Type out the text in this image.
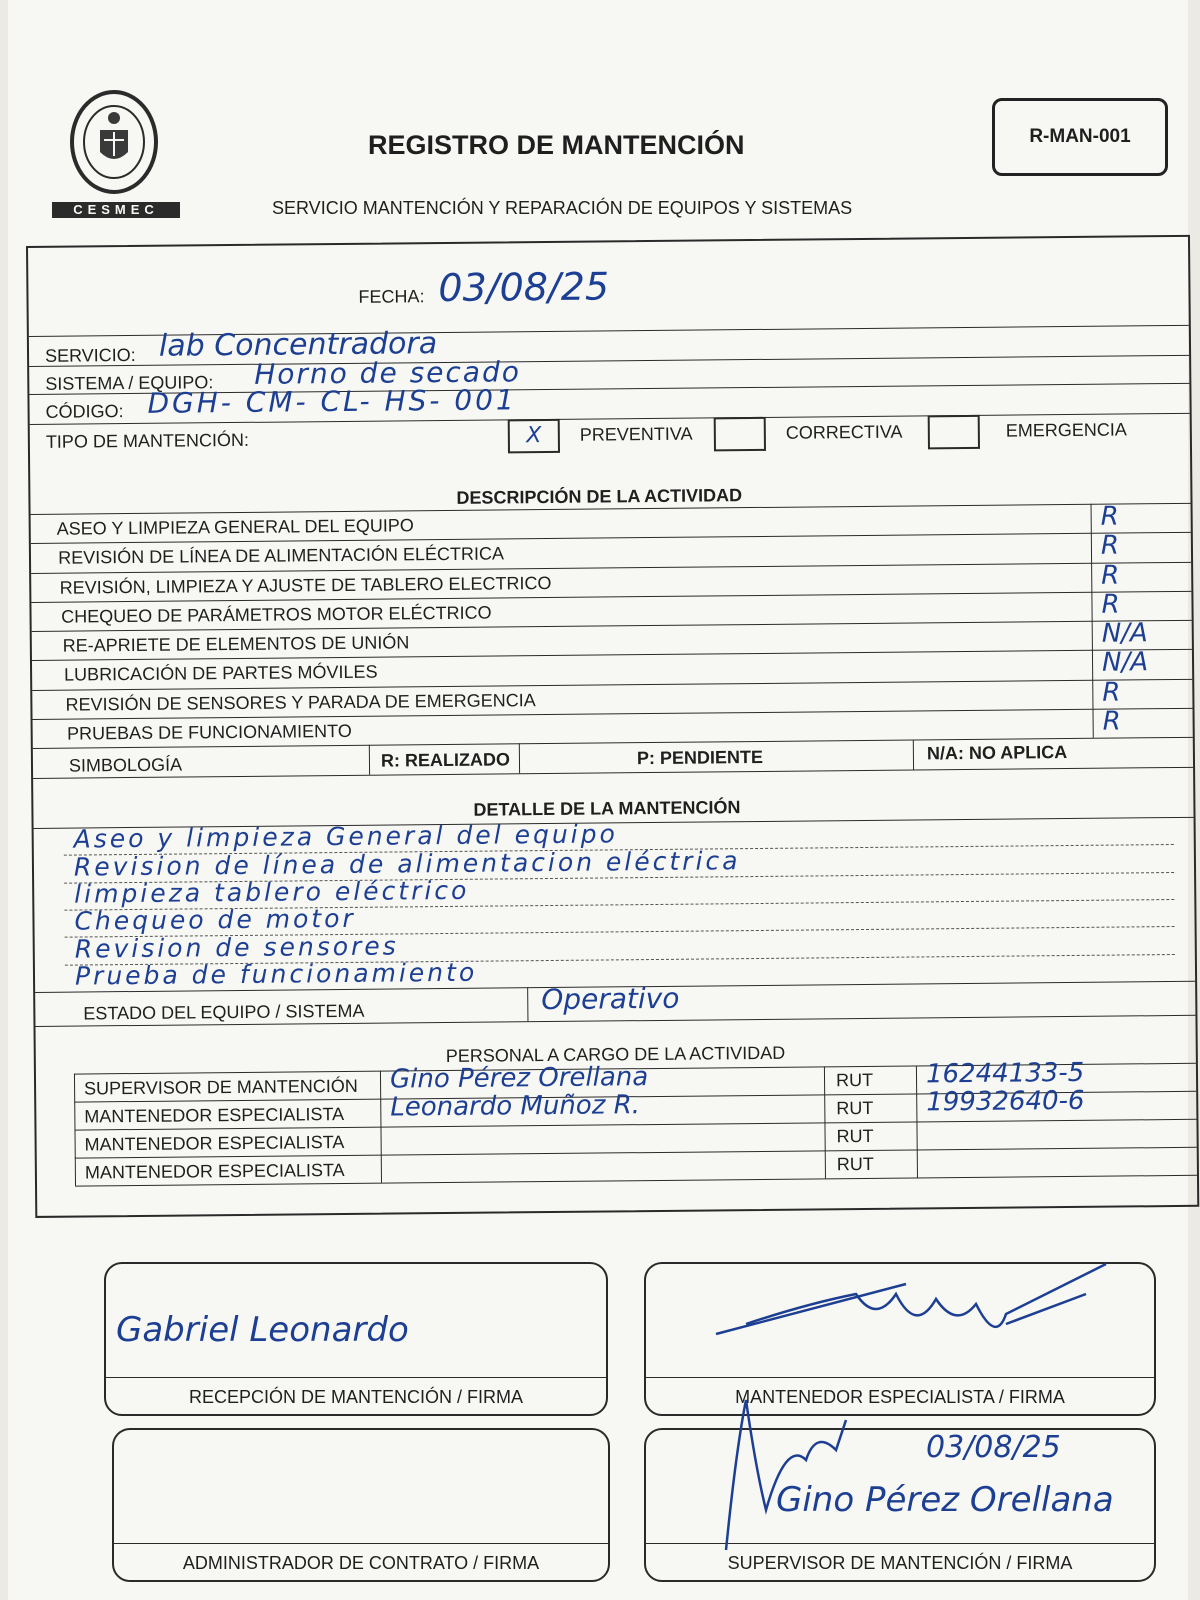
CESMEC
REGISTRO DE MANTENCIÓN
SERVICIO MANTENCIÓN Y REPARACIÓN DE EQUIPOS Y SISTEMAS
R-MAN-001
FECHA: 03/08/25
SERVICIO: lab Concentradora
SISTEMA / EQUIPO: Horno de secado
CÓDIGO: DGH- CM- CL- HS- 001
TIPO DE MANTENCIÓN:	X	PREVENTIVA	CORRECTIVA	EMERGENCIA
DESCRIPCIÓN DE LA ACTIVIDAD
ASEO Y LIMPIEZA GENERAL DEL EQUIPO	R
REVISIÓN DE LÍNEA DE ALIMENTACIÓN ELÉCTRICA	R
REVISIÓN, LIMPIEZA Y AJUSTE DE TABLERO ELECTRICO	R
CHEQUEO DE PARÁMETROS MOTOR ELÉCTRICO	R
RE-APRIETE DE ELEMENTOS DE UNIÓN	N/A
LUBRICACIÓN DE PARTES MÓVILES	N/A
REVISIÓN DE SENSORES Y PARADA DE EMERGENCIA	R
PRUEBAS DE FUNCIONAMIENTO	R
SIMBOLOGÍA	R: REALIZADO	P: PENDIENTE	N/A: NO APLICA
DETALLE DE LA MANTENCIÓN
Aseo y limpieza General del equipo
Revision de línea de alimentacion eléctrica
limpieza tablero eléctrico
Chequeo de motor
Revision de sensores
Prueba de funcionamiento
ESTADO DEL EQUIPO / SISTEMA	Operativo
PERSONAL A CARGO DE LA ACTIVIDAD
SUPERVISOR DE MANTENCIÓN Gino Pérez Orellana	RUT 16244133-5
MANTENEDOR ESPECIALISTA Leonardo Muñoz R.	RUT 19932640-6
MANTENEDOR ESPECIALISTA	RUT
MANTENEDOR ESPECIALISTA	RUT
RECEPCIÓN DE MANTENCIÓN / FIRMA
Gabriel Leonardo
MANTENEDOR ESPECIALISTA / FIRMA
ADMINISTRADOR DE CONTRATO / FIRMA	SUPERVISOR DE MANTENCIÓN / FIRMA
03/08/25
Gino Pérez Orellana
